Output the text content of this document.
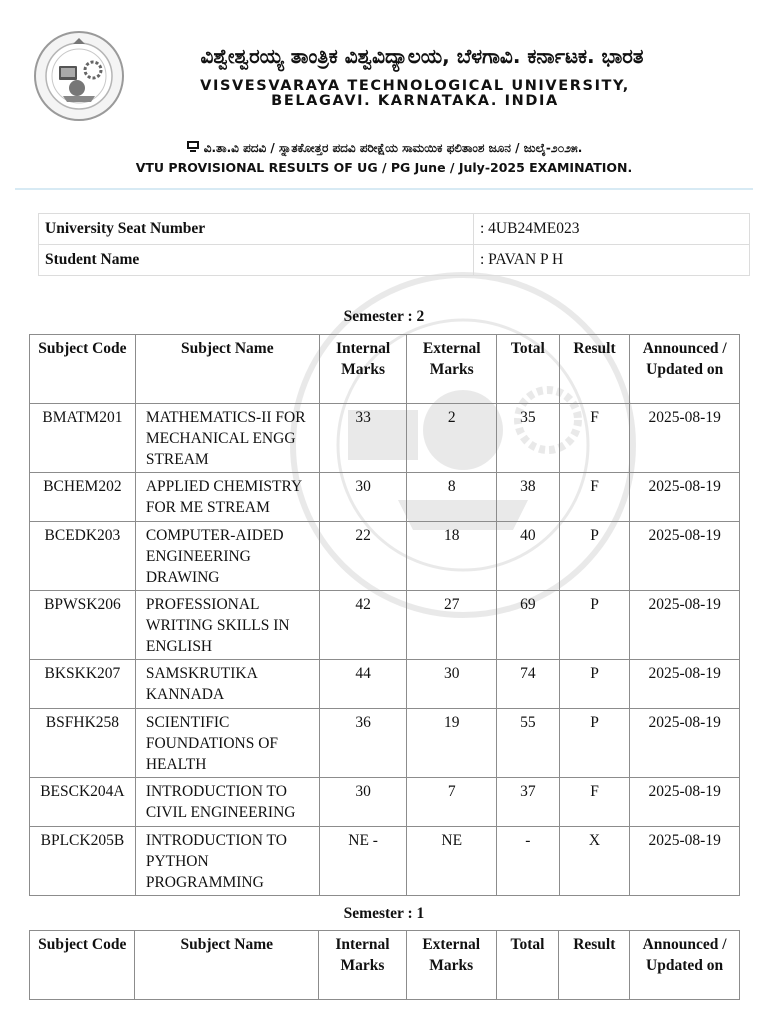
ವಿಶ್ವೇಶ್ವರಯ್ಯ ತಾಂತ್ರಿಕ ವಿಶ್ವವಿದ್ಯಾಲಯ, ಬೆಳಗಾವಿ. ಕರ್ನಾಟಕ. ಭಾರತ
VISVESVARAYA TECHNOLOGICAL UNIVERSITY,
BELAGAVI. KARNATAKA. INDIA
ವಿ.ತಾ.ವಿ ಪದವಿ / ಸ್ನಾತಕೋತ್ತರ ಪದವಿ ಪರೀಕ್ಷೆಯ ಸಾಮಯಿಕ ಫಲಿತಾಂಶ ಜೂನ / ಜುಲೈ-೨೦೨೫.
VTU PROVISIONAL RESULTS OF UG / PG June / July-2025 EXAMINATION.
University Seat Number	: 4UB24ME023
Student Name	: PAVAN P H
Semester : 2
Subject Code	Subject Name	Internal Marks	External Marks	Total	Result	Announced / Updated on
BMATM201	MATHEMATICS-II FOR MECHANICAL ENGG STREAM	33	2	35	F	2025-08-19
BCHEM202	APPLIED CHEMISTRY FOR ME STREAM	30	8	38	F	2025-08-19
BCEDK203	COMPUTER-AIDED ENGINEERING DRAWING	22	18	40	P	2025-08-19
BPWSK206	PROFESSIONAL WRITING SKILLS IN ENGLISH	42	27	69	P	2025-08-19
BKSKK207	SAMSKRUTIKA KANNADA	44	30	74	P	2025-08-19
BSFHK258	SCIENTIFIC FOUNDATIONS OF HEALTH	36	19	55	P	2025-08-19
BESCK204A	INTRODUCTION TO CIVIL ENGINEERING	30	7	37	F	2025-08-19
BPLCK205B	INTRODUCTION TO PYTHON PROGRAMMING	NE -	NE	-	X	2025-08-19
Semester : 1
Subject Code	Subject Name	Internal Marks	External Marks	Total	Result	Announced / Updated on
